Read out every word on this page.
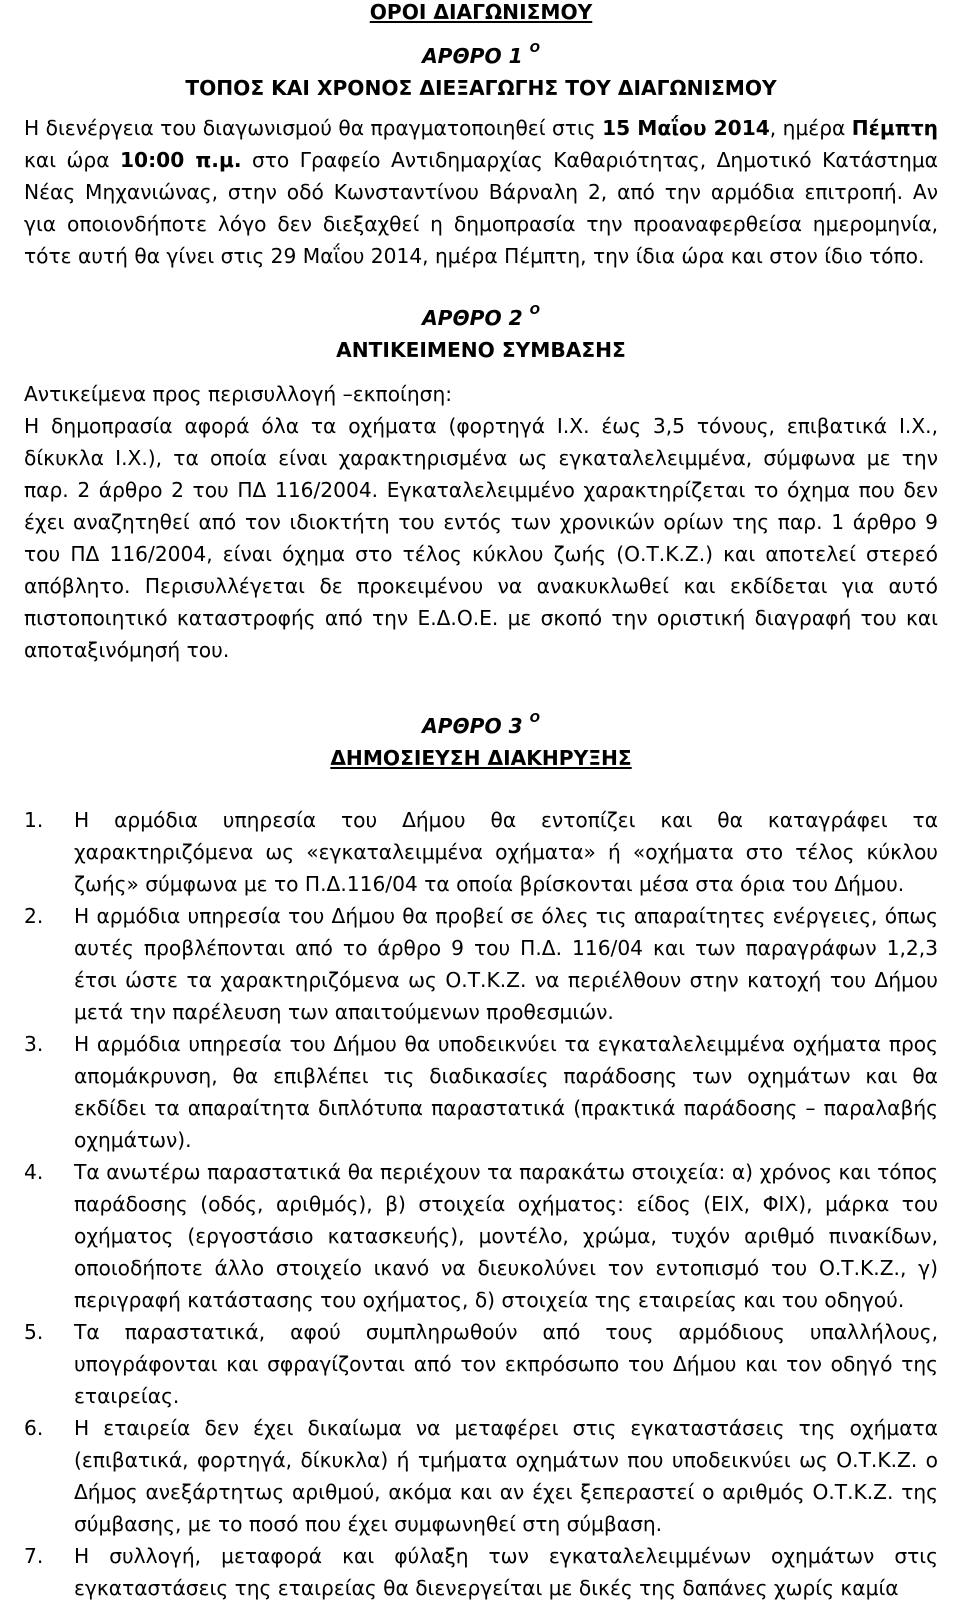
ΟΡΟΙ ΔΙΑΓΩΝΙΣΜΟΥ
ΑΡΘΡΟ 1 $^O$
ΤΟΠΟΣ ΚΑΙ ΧΡΟΝΟΣ ΔΙΕΞΑΓΩΓΗΣ ΤΟΥ ΔΙΑΓΩΝΙΣΜΟΥ

Η διενέργεια του διαγωνισμού θα πραγματοποιηθεί στις 15 Μαΐου 2014, ημέρα Πέμπτη και ώρα 10:00 π.μ. στο Γραφείο Αντιδημαρχίας Καθαριότητας, Δημοτικό Κατάστημα Νέας Μηχανιώνας, στην οδό Κωνσταντίνου Βάρναλη 2, από την αρμόδια επιτροπή. Αν για οποιονδήποτε λόγο δεν διεξαχθεί η δημοπρασία την προαναφερθείσα ημερομηνία, τότε αυτή θα γίνει στις 29 Μαΐου 2014, ημέρα Πέμπτη, την ίδια ώρα και στον ίδιο τόπο.

ΑΡΘΡΟ 2 $^O$
ΑΝΤΙΚΕΙΜΕΝΟ ΣΥΜΒΑΣΗΣ

Αντικείμενα προς περισυλλογή –εκποίηση:

Η δημοπρασία αφορά όλα τα οχήματα (φορτηγά Ι.Χ. έως 3,5 τόνους, επιβατικά Ι.Χ., δίκυκλα Ι.Χ.), τα οποία είναι χαρακτηρισμένα ως εγκαταλελειμμένα, σύμφωνα με την παρ. 2 άρθρο 2 του ΠΔ 116/2004. Εγκαταλελειμμένο χαρακτηρίζεται το όχημα που δεν έχει αναζητηθεί από τον ιδιοκτήτη του εντός των χρονικών ορίων της παρ. 1 άρθρο 9 του ΠΔ 116/2004, είναι όχημα στο τέλος κύκλου ζωής (Ο.Τ.Κ.Ζ.) και αποτελεί στερεό απόβλητο. Περισυλλέγεται δε προκειμένου να ανακυκλωθεί και εκδίδεται για αυτό πιστοποιητικό καταστροφής από την Ε.Δ.Ο.Ε. με σκοπό την οριστική διαγραφή του και αποταξινόμησή του.

ΑΡΘΡΟ 3 $^O$
ΔΗΜΟΣΙΕΥΣΗ ΔΙΑΚΗΡΥΞΗΣ
1. Η αρμόδια υπηρεσία του Δήμου θα εντοπίζει και θα καταγράφει τα χαρακτηριζόμενα ως «εγκαταλειμμένα οχήματα» ή «οχήματα στο τέλος κύκλου ζωής» σύμφωνα με το Π.Δ.116/04 τα οποία βρίσκονται μέσα στα όρια του Δήμου.
2. Η αρμόδια υπηρεσία του Δήμου θα προβεί σε όλες τις απαραίτητες ενέργειες, όπως αυτές προβλέπονται από το άρθρο 9 του Π.Δ. 116/04 και των παραγράφων 1,2,3 έτσι ώστε τα χαρακτηριζόμενα ως Ο.Τ.Κ.Ζ. να περιέλθουν στην κατοχή του Δήμου μετά την παρέλευση των απαιτούμενων προθεσμιών.
3. Η αρμόδια υπηρεσία του Δήμου θα υποδεικνύει τα εγκαταλελειμμένα οχήματα προς απομάκρυνση, θα επιβλέπει τις διαδικασίες παράδοσης των οχημάτων και θα εκδίδει τα απαραίτητα διπλότυπα παραστατικά (πρακτικά παράδοσης – παραλαβής οχημάτων).
4. Τα ανωτέρω παραστατικά θα περιέχουν τα παρακάτω στοιχεία: α) χρόνος και τόπος παράδοσης (οδός, αριθμός), β) στοιχεία οχήματος: είδος (ΕΙΧ, ΦΙΧ), μάρκα του οχήματος (εργοστάσιο κατασκευής), μοντέλο, χρώμα, τυχόν αριθμό πινακίδων, οποιοδήποτε άλλο στοιχείο ικανό να διευκολύνει τον εντοπισμό του Ο.Τ.Κ.Ζ., γ) περιγραφή κατάστασης του οχήματος, δ) στοιχεία της εταιρείας και του οδηγού.
5. Τα παραστατικά, αφού συμπληρωθούν από τους αρμόδιους υπαλλήλους, υπογράφονται και σφραγίζονται από τον εκπρόσωπο του Δήμου και τον οδηγό της εταιρείας.
6. Η εταιρεία δεν έχει δικαίωμα να μεταφέρει στις εγκαταστάσεις της οχήματα (επιβατικά, φορτηγά, δίκυκλα) ή τμήματα οχημάτων που υποδεικνύει ως Ο.Τ.Κ.Ζ. ο Δήμος ανεξάρτητως αριθμού, ακόμα και αν έχει ξεπεραστεί ο αριθμός Ο.Τ.Κ.Ζ. της σύμβασης, με το ποσό που έχει συμφωνηθεί στη σύμβαση.
7. Η συλλογή, μεταφορά και φύλαξη των εγκαταλελειμμένων οχημάτων στις εγκαταστάσεις της εταιρείας θα διενεργείται με δικές της δαπάνες χωρίς καμία
